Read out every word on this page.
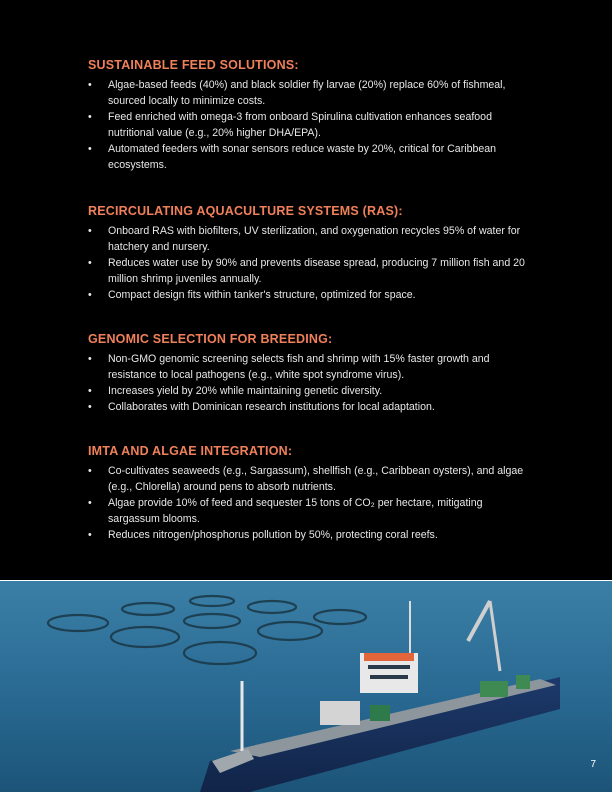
SUSTAINABLE FEED SOLUTIONS:
•	Algae-based feeds (40%) and black soldier fly larvae (20%) replace 60% of fishmeal, sourced locally to minimize costs.
•	Feed enriched with omega-3 from onboard Spirulina cultivation enhances seafood nutritional value (e.g., 20% higher DHA/EPA).
•	Automated feeders with sonar sensors reduce waste by 20%, critical for Caribbean ecosystems.
RECIRCULATING AQUACULTURE SYSTEMS (RAS):
•	Onboard RAS with biofilters, UV sterilization, and oxygenation recycles 95% of water for hatchery and nursery.
•	Reduces water use by 90% and prevents disease spread, producing 7 million fish and 20 million shrimp juveniles annually.
•	Compact design fits within tanker's structure, optimized for space.
GENOMIC SELECTION FOR BREEDING:
•	Non-GMO genomic screening selects fish and shrimp with 15% faster growth and resistance to local pathogens (e.g., white spot syndrome virus).
•	Increases yield by 20% while maintaining genetic diversity.
•	Collaborates with Dominican research institutions for local adaptation.
IMTA AND ALGAE INTEGRATION:
•	Co-cultivates seaweeds (e.g., Sargassum), shellfish (e.g., Caribbean oysters), and algae (e.g., Chlorella) around pens to absorb nutrients.
•	Algae provide 10% of feed and sequester 15 tons of CO₂ per hectare, mitigating sargassum blooms.
•	Reduces nitrogen/phosphorus pollution by 50%, protecting coral reefs.
7
